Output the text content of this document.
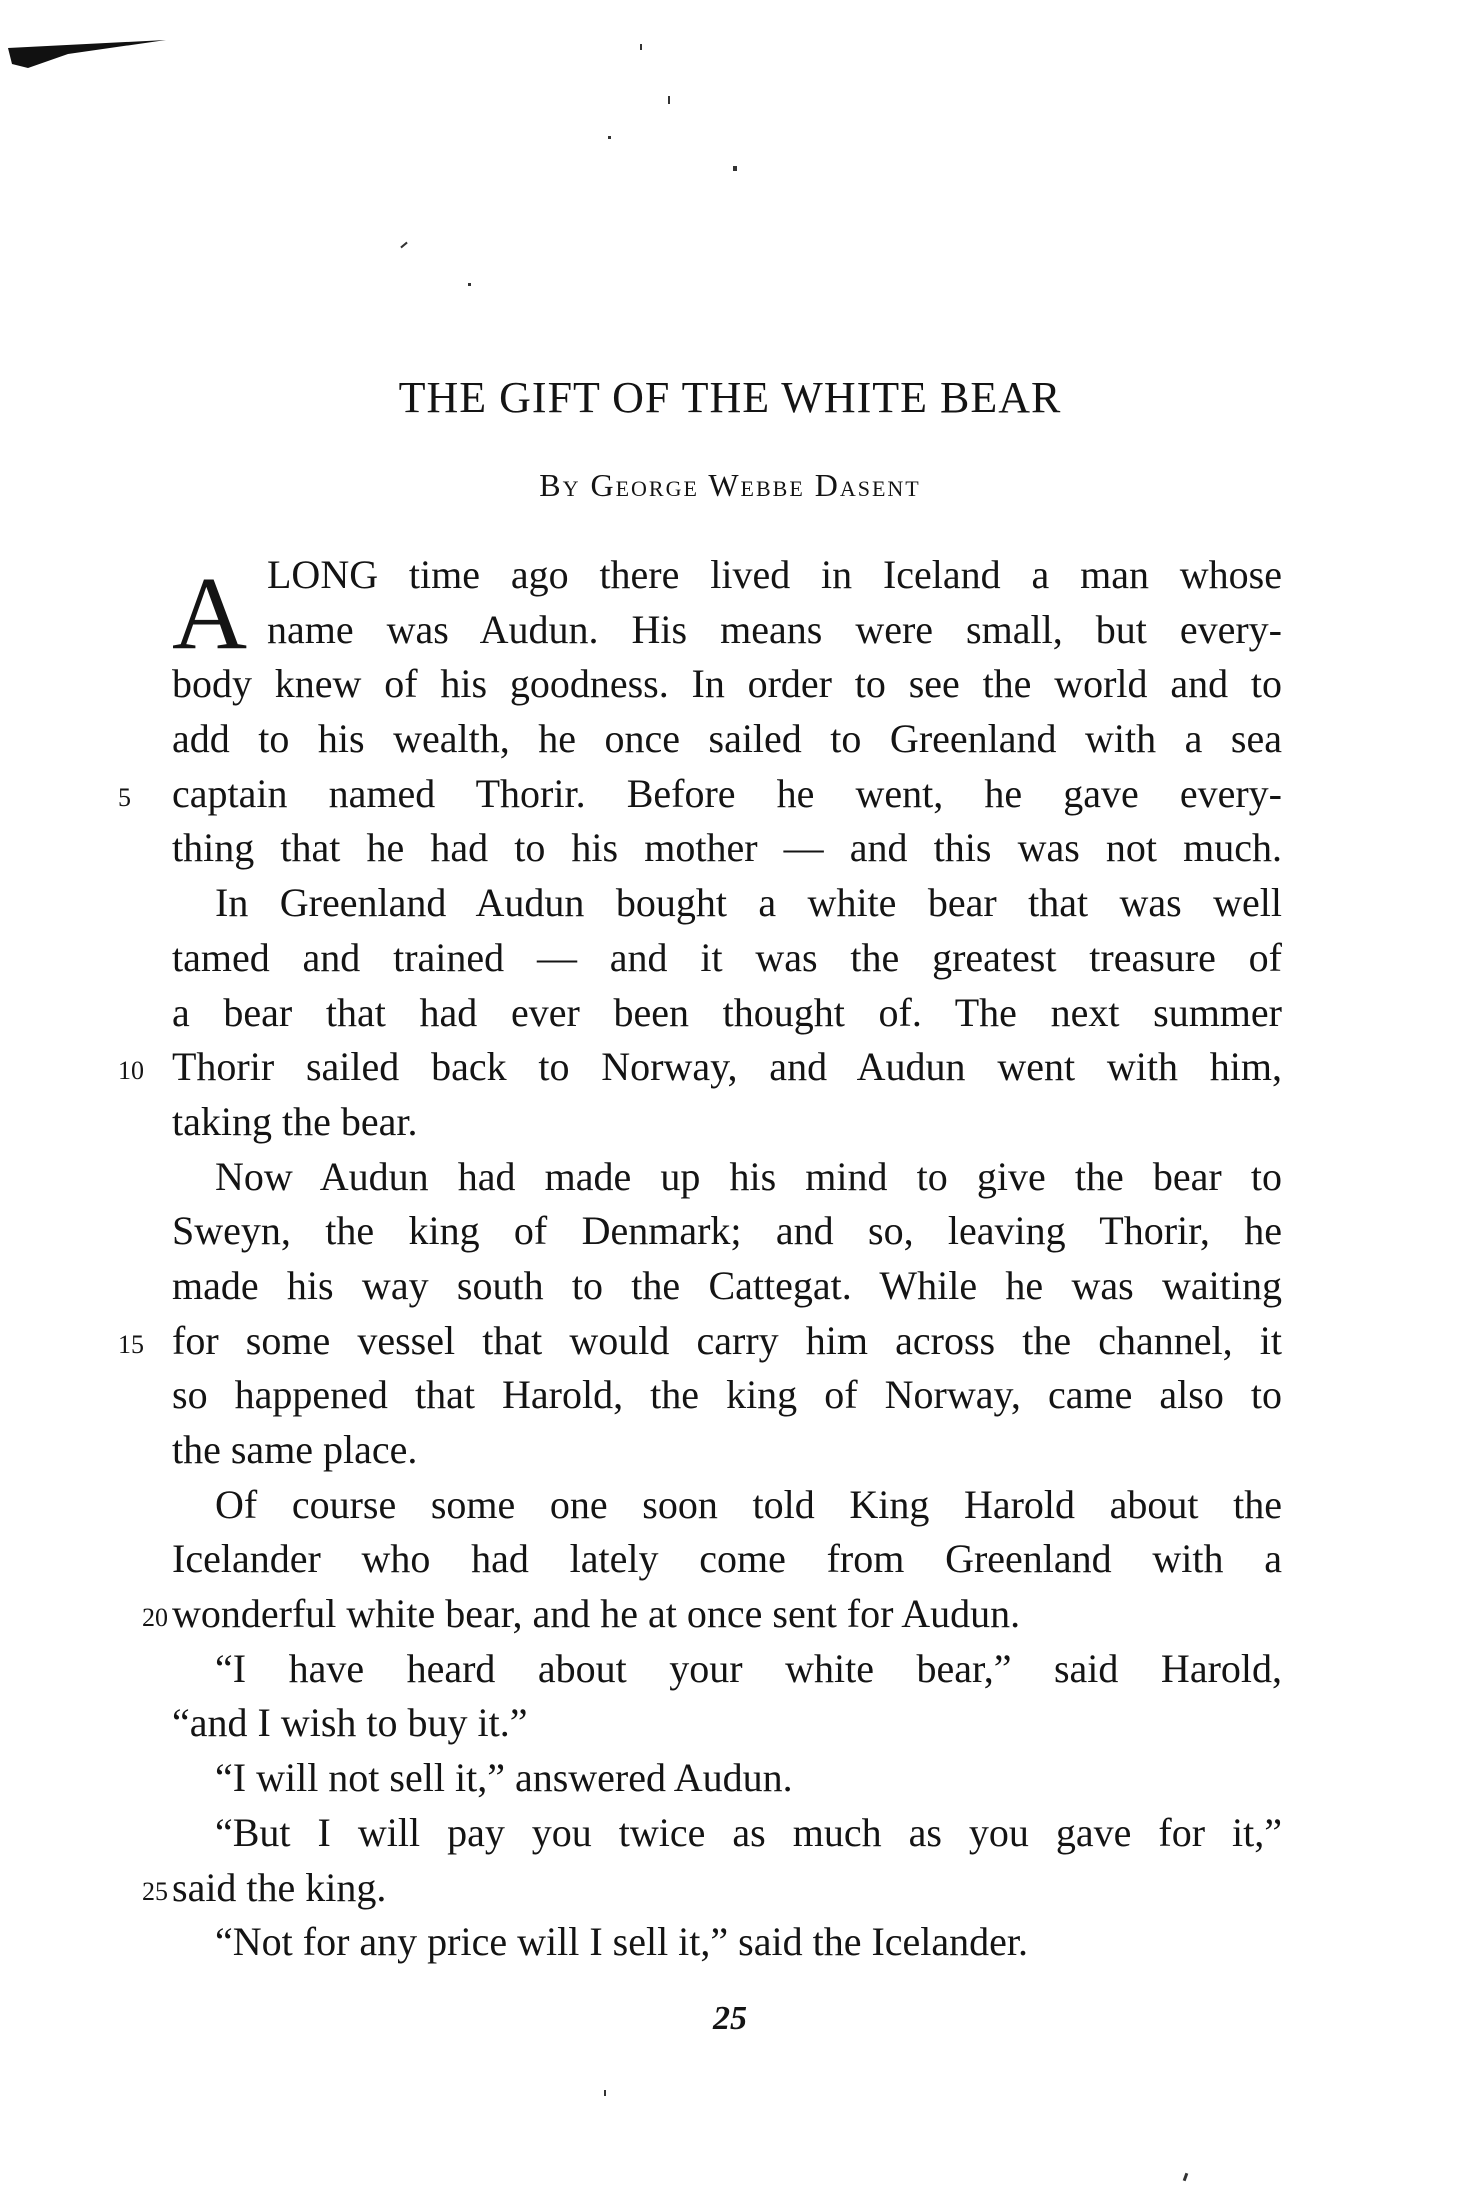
THE GIFT OF THE WHITE BEAR

By George Webbe Dasent

A LONG time ago there lived in Iceland a man whose
name was Audun. His means were small, but every-
body knew of his goodness. In order to see the world and to
add to his wealth, he once sailed to Greenland with a sea
5	captain named Thorir. Before he went, he gave every-
thing that he had to his mother — and this was not much.
In Greenland Audun bought a white bear that was well
tamed and trained — and it was the greatest treasure of
a bear that had ever been thought of. The next summer
10 Thorir sailed back to Norway, and Audun went with him,
taking the bear.
Now Audun had made up his mind to give the bear to
Sweyn, the king of Denmark; and so, leaving Thorir, he
made his way south to the Cattegat. While he was waiting
15 for some vessel that would carry him across the channel, it
so happened that Harold, the king of Norway, came also to
the same place.
Of course some one soon told King Harold about the
Icelander who had lately come from Greenland with a
20 wonderful white bear, and he at once sent for Audun.
“I have heard about your white bear,” said Harold,
“and I wish to buy it.”
“I will not sell it,” answered Audun.
“But I will pay you twice as much as you gave for it,”
25 said the king.
“Not for any price will I sell it,” said the Icelander.
25
